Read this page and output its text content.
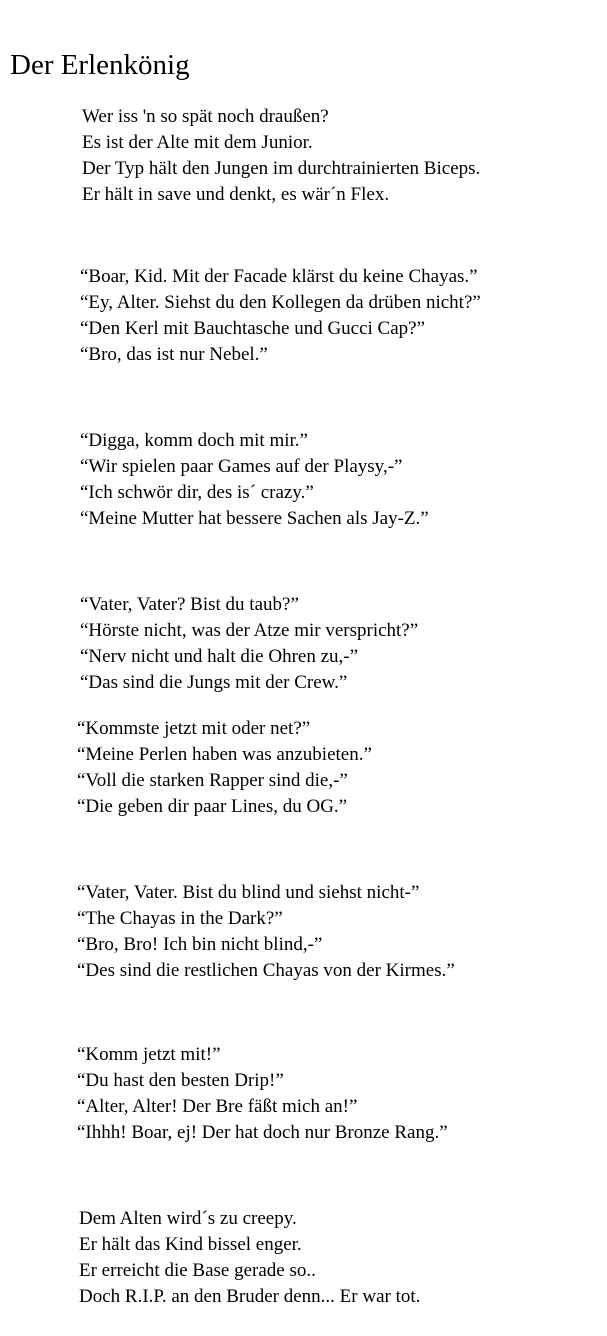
Der Erlenkönig
Wer iss 'n so spät noch draußen?
Es ist der Alte mit dem Junior.
Der Typ hält den Jungen im durchtrainierten Biceps.
Er hält in save und denkt, es wär´n Flex.
“Boar, Kid. Mit der Facade klärst du keine Chayas.”
“Ey, Alter. Siehst du den Kollegen da drüben nicht?”
“Den Kerl mit Bauchtasche und Gucci Cap?”
“Bro, das ist nur Nebel.”
“Digga, komm doch mit mir.”
“Wir spielen paar Games auf der Playsy,-”
“Ich schwör dir, des is´ crazy.”
“Meine Mutter hat bessere Sachen als Jay-Z.”
“Vater, Vater? Bist du taub?”
“Hörste nicht, was der Atze mir verspricht?”
“Nerv nicht und halt die Ohren zu,-”
“Das sind die Jungs mit der Crew.”
“Kommste jetzt mit oder net?”
“Meine Perlen haben was anzubieten.”
“Voll die starken Rapper sind die,-”
“Die geben dir paar Lines, du OG.”
“Vater, Vater. Bist du blind und siehst nicht-”
“The Chayas in the Dark?”
“Bro, Bro! Ich bin nicht blind,-”
“Des sind die restlichen Chayas von der Kirmes.”
“Komm jetzt mit!”
“Du hast den besten Drip!”
“Alter, Alter! Der Bre fäßt mich an!”
“Ihhh! Boar, ej! Der hat doch nur Bronze Rang.”
Dem Alten wird´s zu creepy.
Er hält das Kind bissel enger.
Er erreicht die Base gerade so..
Doch R.I.P. an den Bruder denn... Er war tot.
